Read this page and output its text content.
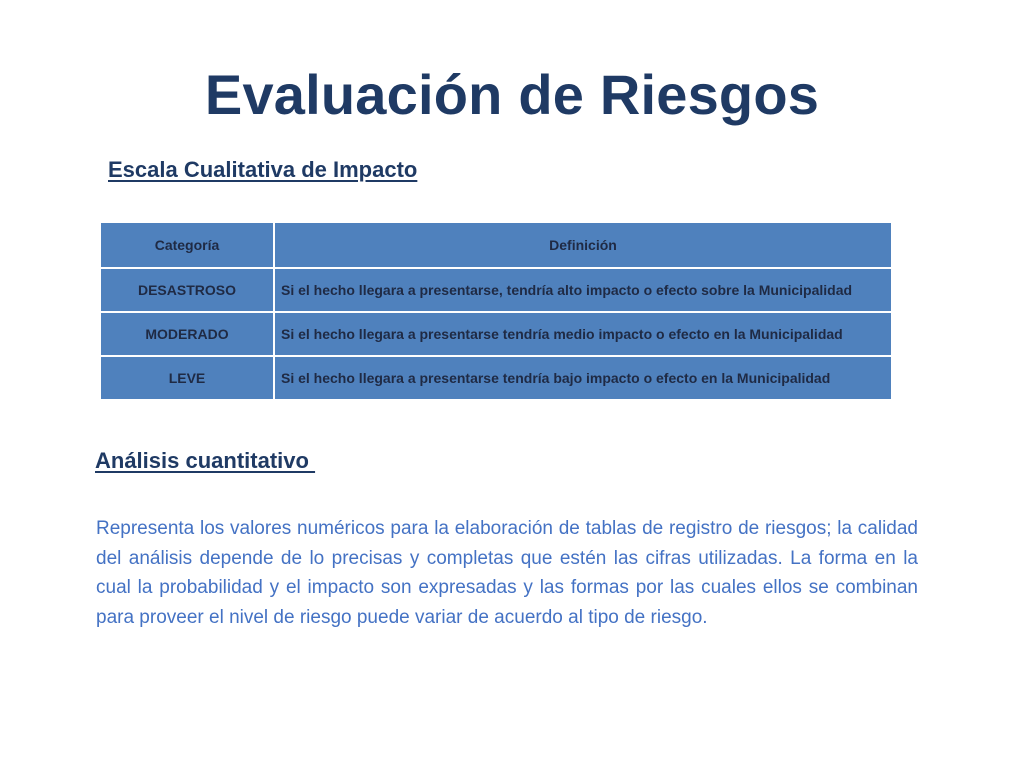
Evaluación de Riesgos
Escala Cualitativa de Impacto
Categoría	Definición
DESASTROSO	Si el hecho llegara a presentarse, tendría alto impacto o efecto sobre la Municipalidad
MODERADO	Si el hecho llegara a presentarse tendría medio impacto o efecto en la Municipalidad
LEVE	Si el hecho llegara a presentarse tendría bajo impacto o efecto en la Municipalidad
Análisis cuantitativo

Representa los valores numéricos para la elaboración de tablas de registro de riesgos; la calidad del análisis depende de lo precisas y completas que estén las cifras utilizadas. La forma en la cual la probabilidad y el impacto son expresadas y las formas por las cuales ellos se combinan para proveer el nivel de riesgo puede variar de acuerdo al tipo de riesgo.
